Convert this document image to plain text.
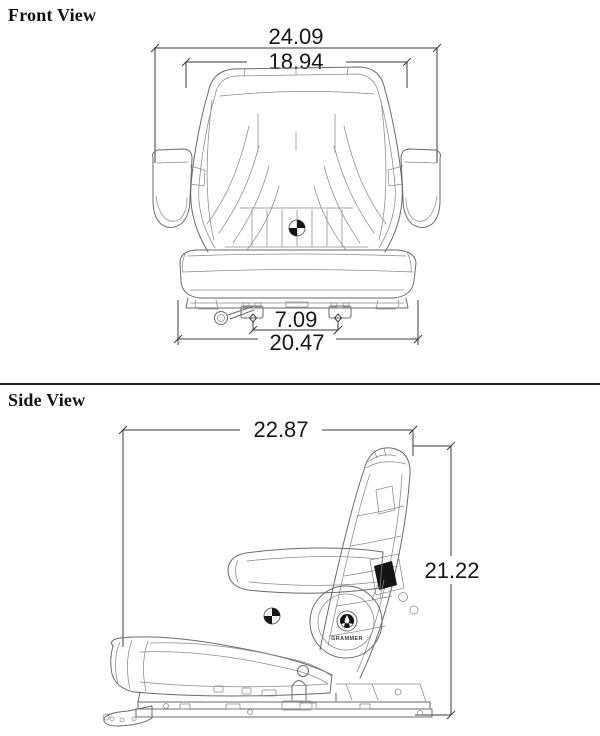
Front View
24.09
18.94
7.09
20.47
Side View
22.87
21.22
GRAMMER
